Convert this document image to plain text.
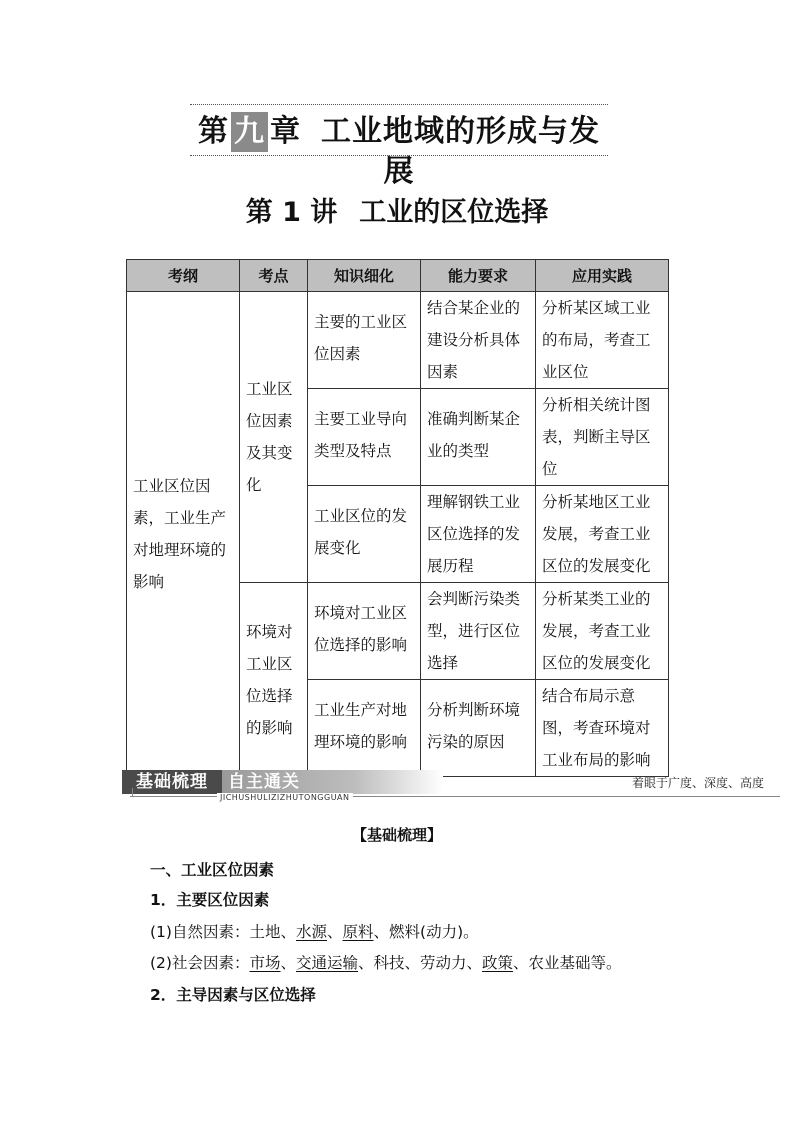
第 九 章 工业地域的形成与发展
第 1 讲 工业的区位选择
考纲	考点	知识细化	能力要求	应用实践
工业区位因素，工业生产对地理环境的影响	工业区位因素及其变化	主要的工业区位因素	结合某企业的建设分析具体因素	分析某区域工业的布局，考查工业区位
		主要工业导向类型及特点	准确判断某企业的类型	分析相关统计图表，判断主导区位
		工业区位的发展变化	理解钢铁工业区位选择的发展历程	分析某地区工业发展，考查工业区位的发展变化
	环境对工业区位选择的影响	环境对工业区位选择的影响	会判断污染类型，进行区位选择	分析某类工业的发展，考查工业区位的发展变化
		工业生产对地理环境的影响	分析判断环境污染的原因	结合布局示意图，考查环境对工业布局的影响
基础梳理	自主通关	着眼于广度、深度、高度
JICHUSHULIZIZHUTONGGUAN
【基础梳理】
一、工业区位因素
1．主要区位因素
(1)自然因素：土地、水源、原料、燃料(动力)。
(2)社会因素：市场、交通运输、科技、劳动力、政策、农业基础等。
2．主导因素与区位选择
